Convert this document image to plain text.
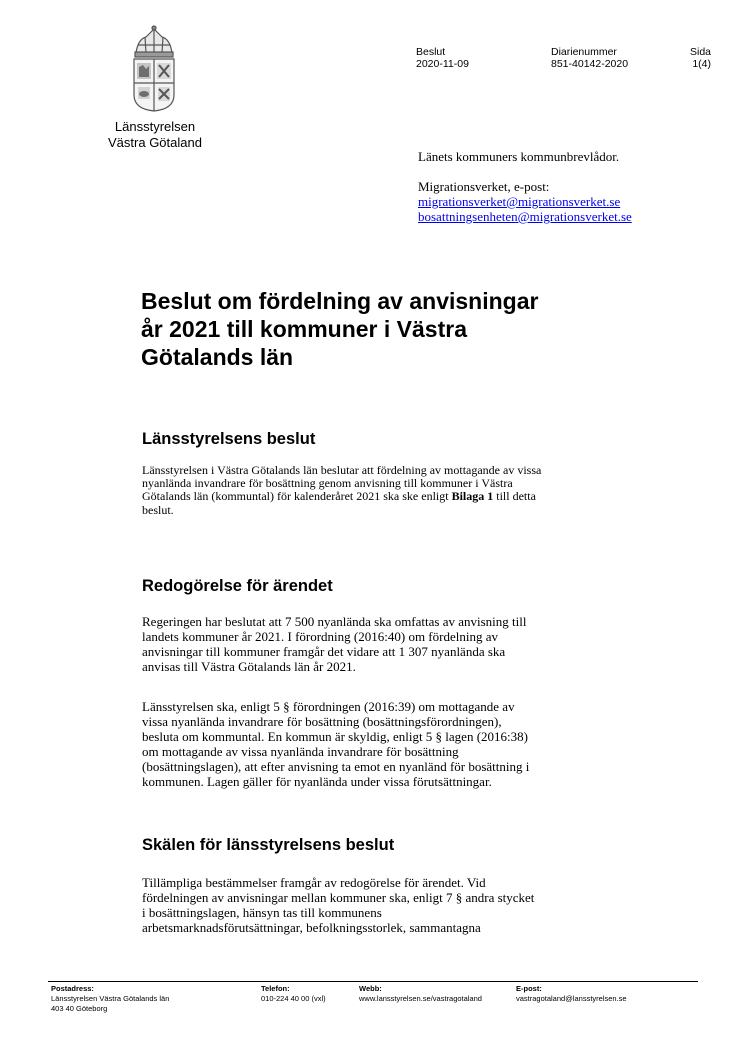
Länsstyrelsen
Västra Götaland
Beslut
2020-11-09
Diarienummer
851-40142-2020
Sida
1(4)
Länets kommuners kommunbrevlådor.
Migrationsverket, e-post:
migrationsverket@migrationsverket.se
bosattningsenheten@migrationsverket.se
Beslut om fördelning av anvisningar
år 2021 till kommuner i Västra
Götalands län
Länsstyrelsens beslut

Länsstyrelsen i Västra Götalands län beslutar att fördelning av mottagande av vissa
nyanlända invandrare för bosättning genom anvisning till kommuner i Västra
Götalands län (kommuntal) för kalenderåret 2021 ska ske enligt Bilaga 1 till detta
beslut.

Redogörelse för ärendet

Regeringen har beslutat att 7 500 nyanlända ska omfattas av anvisning till
landets kommuner år 2021. I förordning (2016:40) om fördelning av
anvisningar till kommuner framgår det vidare att 1 307 nyanlända ska
anvisas till Västra Götalands län år 2021.

Länsstyrelsen ska, enligt 5 § förordningen (2016:39) om mottagande av
vissa nyanlända invandrare för bosättning (bosättningsförordningen),
besluta om kommuntal. En kommun är skyldig, enligt 5 § lagen (2016:38)
om mottagande av vissa nyanlända invandrare för bosättning
(bosättningslagen), att efter anvisning ta emot en nyanländ för bosättning i
kommunen. Lagen gäller för nyanlända under vissa förutsättningar.

Skälen för länsstyrelsens beslut

Tillämpliga bestämmelser framgår av redogörelse för ärendet. Vid
fördelningen av anvisningar mellan kommuner ska, enligt 7 § andra stycket
i bosättningslagen, hänsyn tas till kommunens
arbetsmarknadsförutsättningar, befolkningsstorlek, sammantagna

Postadress:
Länsstyrelsen Västra Götalands län
403 40 Göteborg
Telefon:
010-224 40 00 (vxl)
Webb:
www.lansstyrelsen.se/vastragotaland
E-post:
vastragotaland@lansstyrelsen.se
